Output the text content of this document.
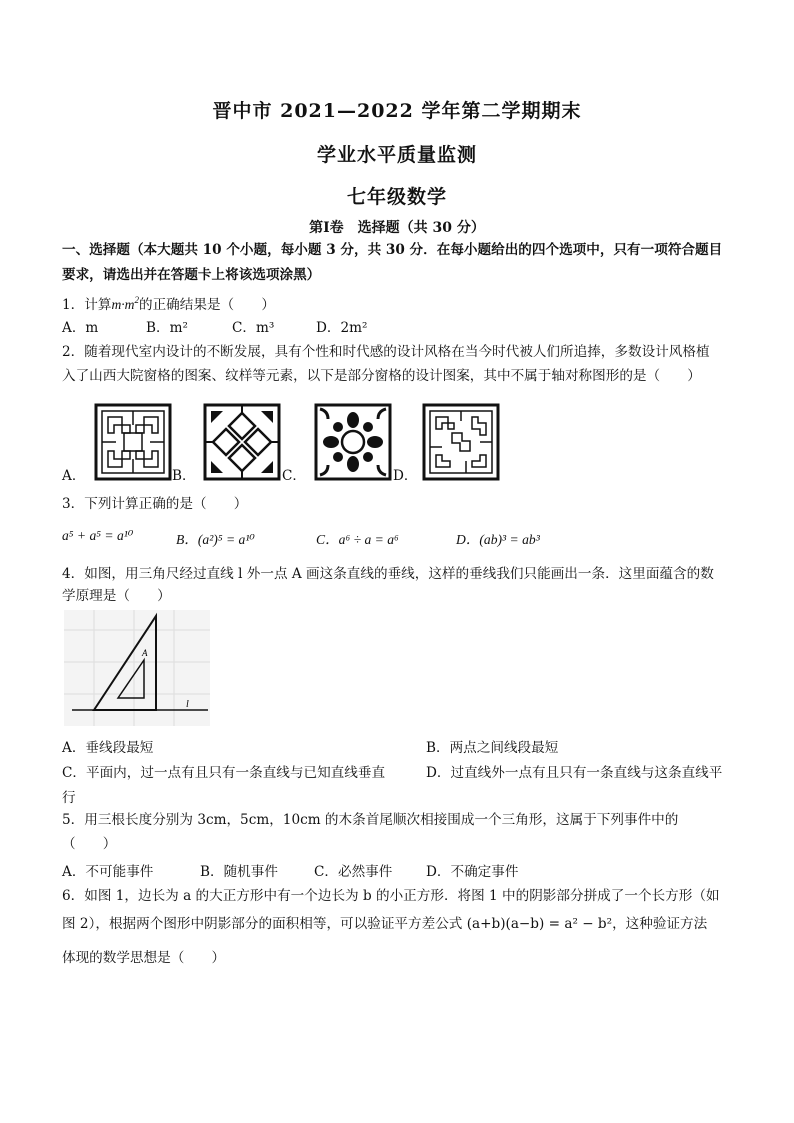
晋中市 2021—2022 学年第二学期期末
学业水平质量监测
七年级数学
第Ⅰ卷　选择题（共 30 分）
一、选择题（本大题共 10 个小题，每小题 3 分，共 30 分．在每小题给出的四个选项中，只有一项符合题目
要求，请选出并在答题卡上将该选项涂黑）
1．计算$m\cdot m^2$的正确结果是（　　）
A．m	B．m²	C．m³	D．2m²
2．随着现代室内设计的不断发展，具有个性和时代感的设计风格在当今时代被人们所追捧，多数设计风格植
入了山西大院窗格的图案、纹样等元素，以下是部分窗格的设计图案，其中不属于轴对称图形的是（　　）
A．	B．	C．	D．
3．下列计算正确的是（　　）
a⁵ + a⁵ = a¹⁰	B．(a²)⁵ = a¹⁰	C．a⁶ ÷ a = a⁶	D．(ab)³ = ab³
4．如图，用三角尺经过直线 l 外一点 A 画这条直线的垂线，这样的垂线我们只能画出一条．这里面蕴含的数
学原理是（　　）
A
l
A．垂线段最短	B．两点之间线段最短
C．平面内，过一点有且只有一条直线与已知直线垂直	D．过直线外一点有且只有一条直线与这条直线平
行
5．用三根长度分别为 3cm，5cm，10cm 的木条首尾顺次相接围成一个三角形，这属于下列事件中的
（　　）
A．不可能事件	B．随机事件	C．必然事件 D．不确定事件
6．如图 1，边长为 a 的大正方形中有一个边长为 b 的小正方形．将图 1 中的阴影部分拼成了一个长方形（如
图 2），根据两个图形中阴影部分的面积相等，可以验证平方差公式 (a+b)(a−b) = a² − b²，这种验证方法
体现的数学思想是（　　）
